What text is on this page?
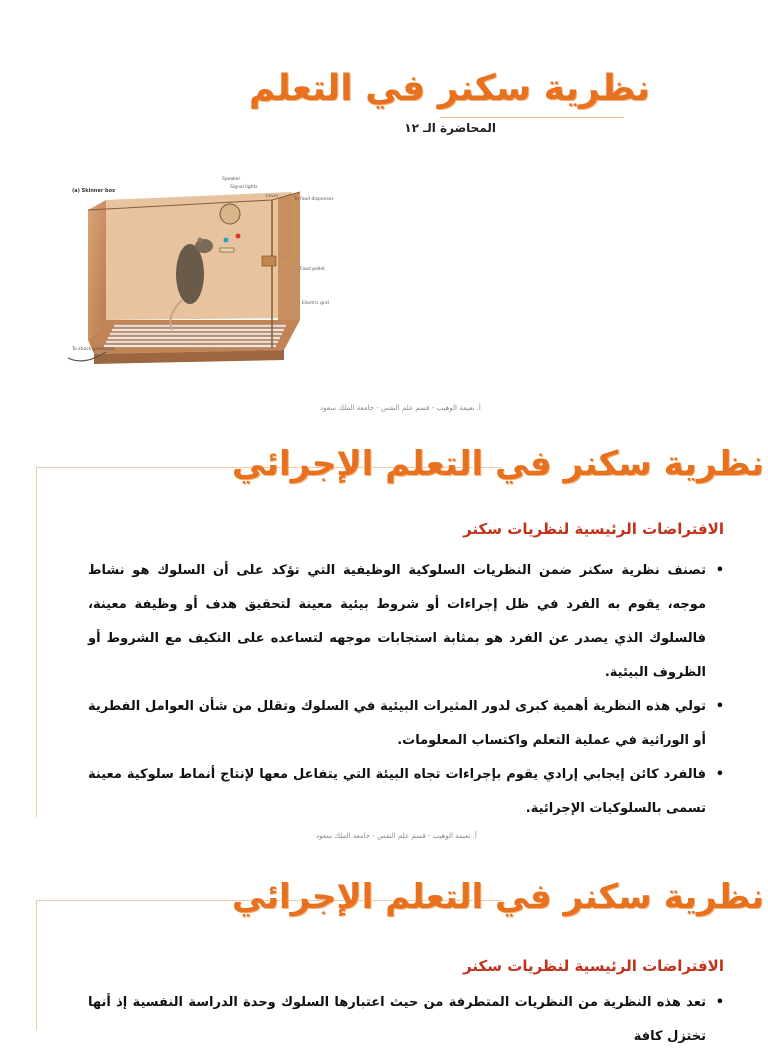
نظرية سكنر في التعلم
المحاضرة الـ ١٢
(a) Skinner box
Speaker
Signal lights
Lever
To food dispenser
Food pellet
Electric grid
To shock generator
أ. نعيمة الوهيب - قسم علم النفس - جامعة الملك سعود
نظرية سكنر في التعلم الإجرائي
الافتراضات الرئيسية لنظريات سكنر
•
تصنف نظرية سكنر ضمن النظريات السلوكية الوظيفية التي تؤكد على أن السلوك هو نشاط موجه، يقوم به الفرد في ظل إجراءات أو شروط بيئية معينة لتحقيق هدف أو وظيفة معينة، فالسلوك الذي يصدر عن الفرد هو بمثابة استجابات موجهه لتساعده على التكيف مع الشروط أو الظروف البيئية.
•
تولي هذه النظرية أهمية كبرى لدور المثيرات البيئية في السلوك وتقلل من شأن العوامل الفطرية أو الوراثية في عملية التعلم واكتساب المعلومات.
•
فالفرد كائن إيجابي إرادي يقوم بإجراءات تجاه البيئة التي يتفاعل معها لإنتاج أنماط سلوكية معينة تسمى بالسلوكيات الإجرائية.
أ. نعيمة الوهيب - قسم علم النفس - جامعة الملك سعود
نظرية سكنر في التعلم الإجرائي
الافتراضات الرئيسية لنظريات سكنر
•
تعد هذه النظرية من النظريات المتطرفة من حيث اعتبارها السلوك وحدة الدراسة النفسية إذ أنها تختزل كافة
